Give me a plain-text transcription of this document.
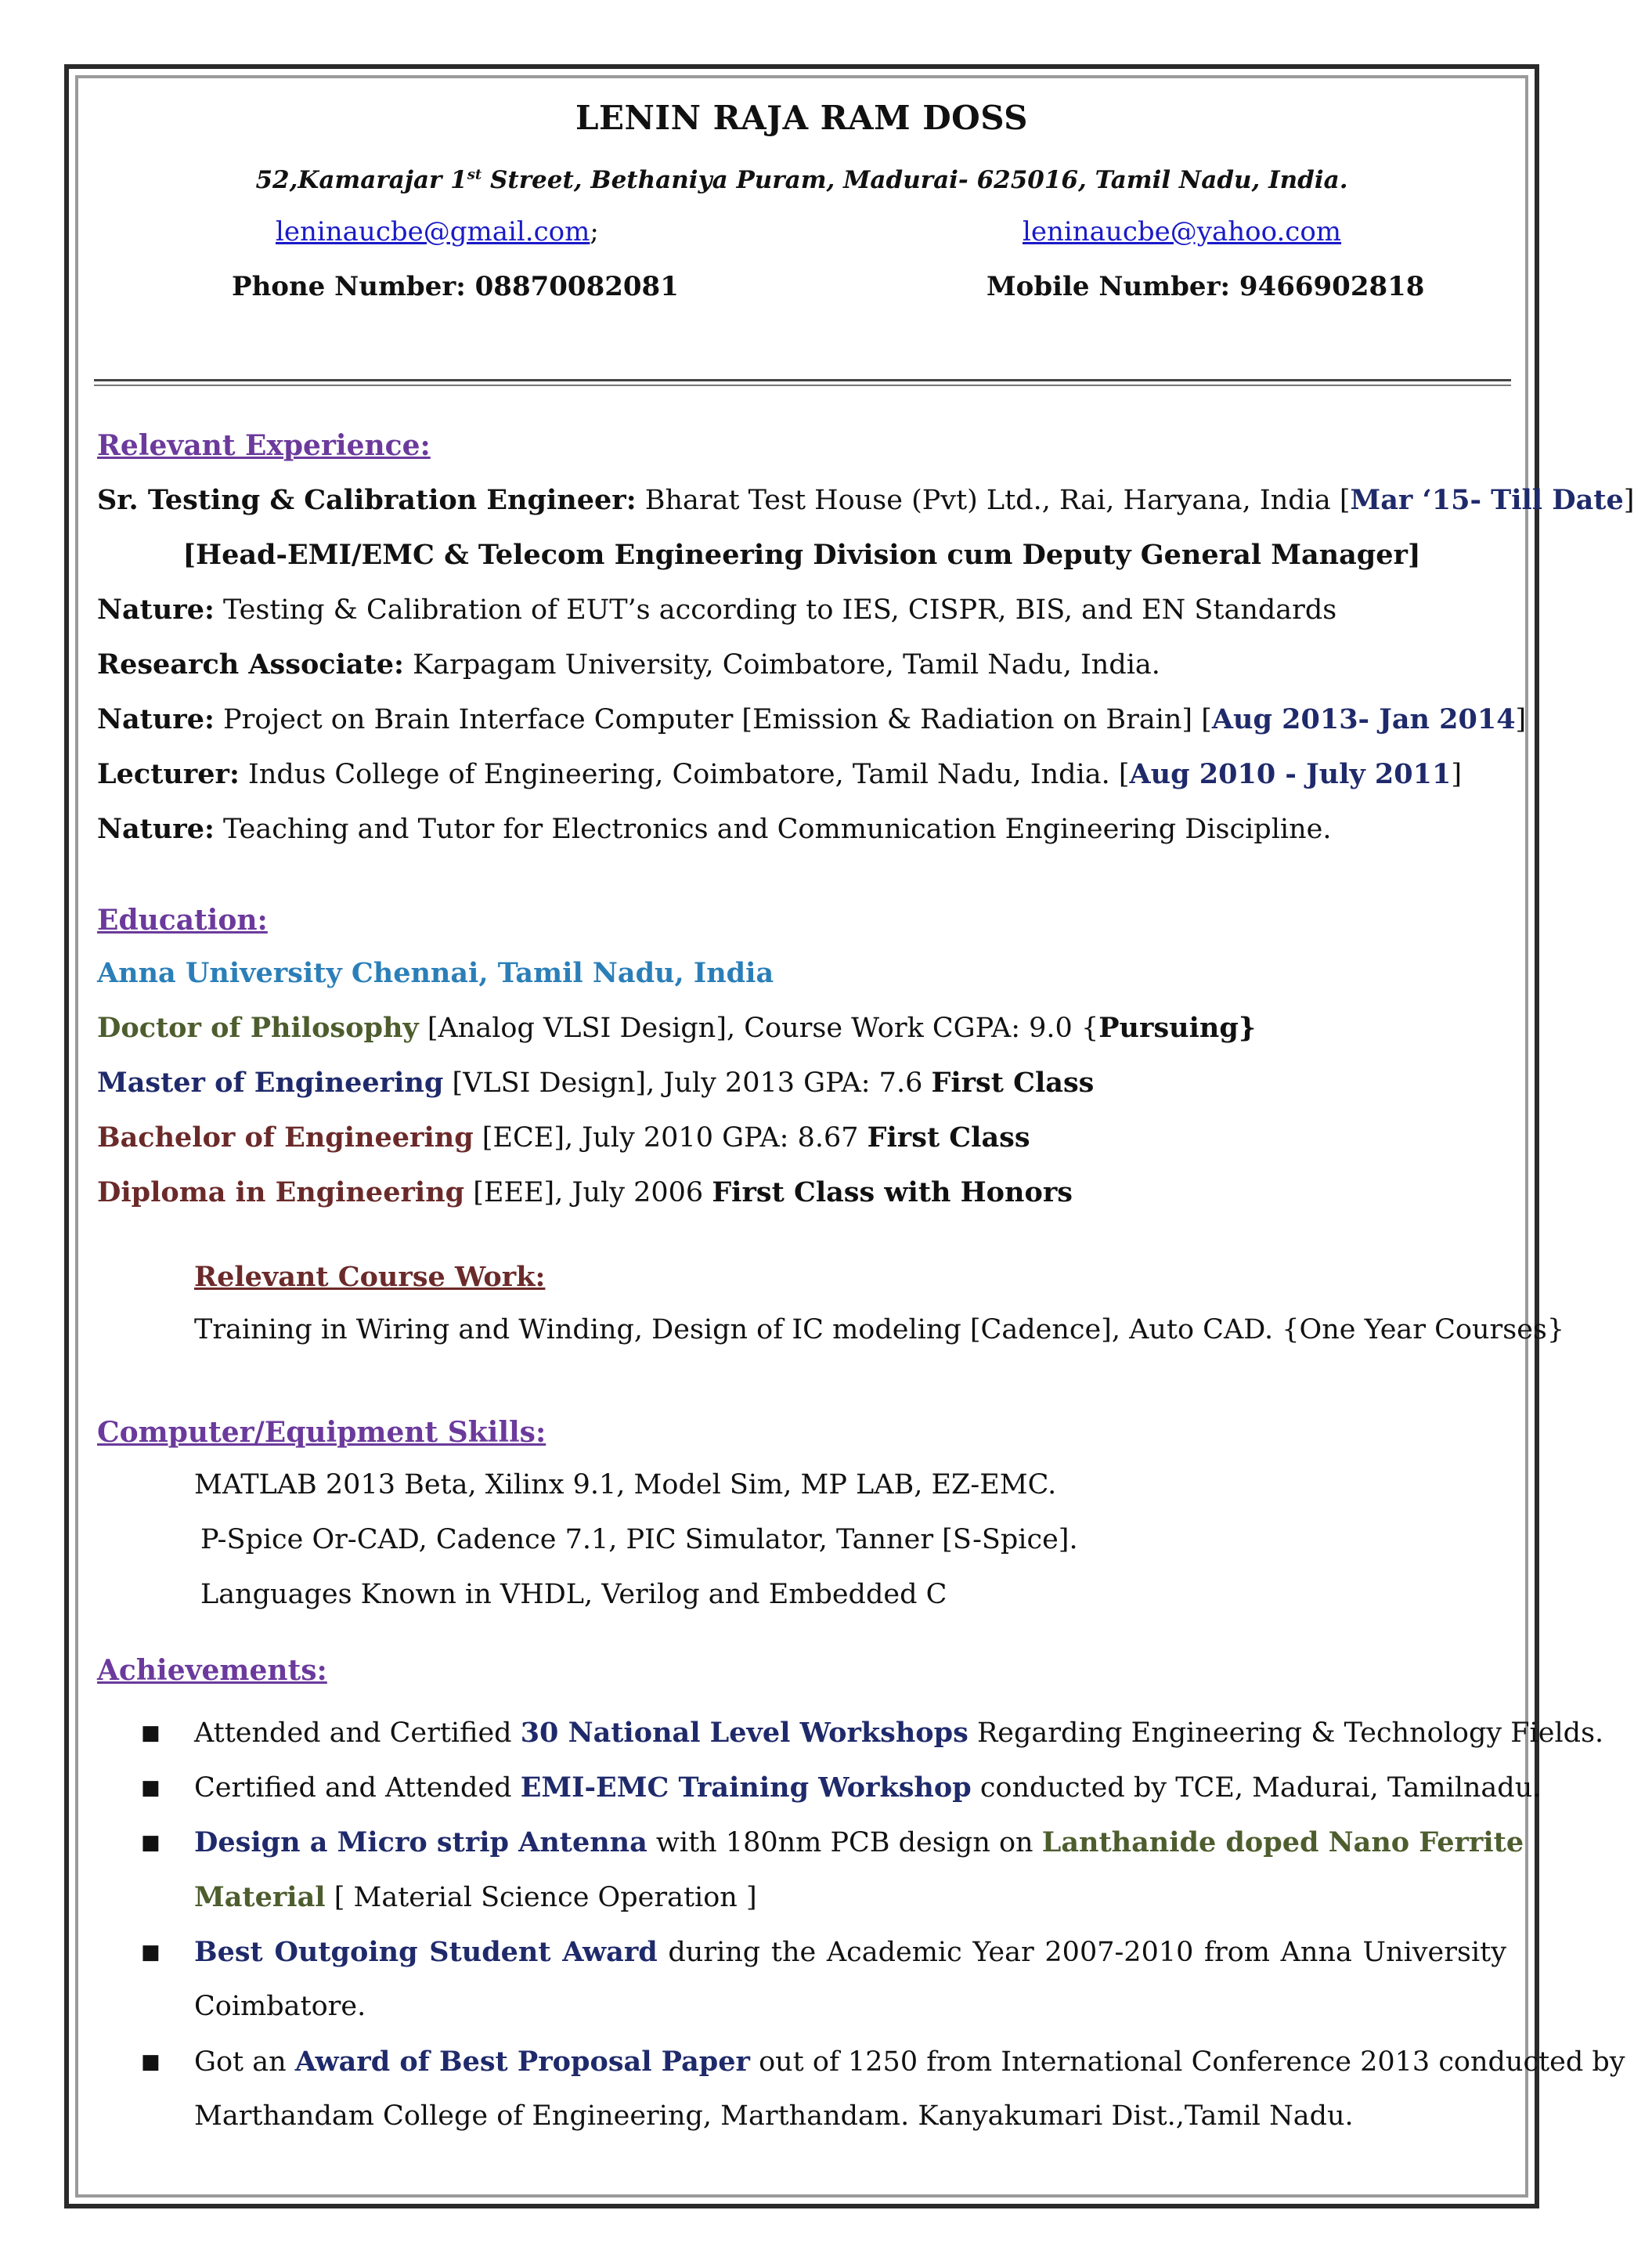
LENIN RAJA RAM DOSS
52,Kamarajar 1st Street, Bethaniya Puram, Madurai- 625016, Tamil Nadu, India.
leninaucbe@gmail.com;	leninaucbe@yahoo.com
Phone Number: 08870082081	Mobile Number: 9466902818
Relevant Experience:
Sr. Testing & Calibration Engineer: Bharat Test House (Pvt) Ltd., Rai, Haryana, India [Mar ‘15- Till Date]
[Head-EMI/EMC & Telecom Engineering Division cum Deputy General Manager]
Nature: Testing & Calibration of EUT’s according to IES, CISPR, BIS, and EN Standards
Research Associate: Karpagam University, Coimbatore, Tamil Nadu, India.
Nature: Project on Brain Interface Computer [Emission & Radiation on Brain] [Aug 2013- Jan 2014]
Lecturer: Indus College of Engineering, Coimbatore, Tamil Nadu, India. [Aug 2010 - July 2011]
Nature: Teaching and Tutor for Electronics and Communication Engineering Discipline.
Education:
Anna University Chennai, Tamil Nadu, India
Doctor of Philosophy [Analog VLSI Design], Course Work CGPA: 9.0 {Pursuing}
Master of Engineering [VLSI Design], July 2013 GPA: 7.6 First Class
Bachelor of Engineering [ECE], July 2010 GPA: 8.67 First Class
Diploma in Engineering [EEE], July 2006 First Class with Honors
Relevant Course Work:
Training in Wiring and Winding, Design of IC modeling [Cadence], Auto CAD. {One Year Courses}
Computer/Equipment Skills:
MATLAB 2013 Beta, Xilinx 9.1, Model Sim, MP LAB, EZ-EMC.
P-Spice Or-CAD, Cadence 7.1, PIC Simulator, Tanner [S-Spice].
Languages Known in VHDL, Verilog and Embedded C
Achievements:
■ Attended and Certified 30 National Level Workshops Regarding Engineering & Technology Fields.
■ Certified and Attended EMI-EMC Training Workshop conducted by TCE, Madurai, Tamilnadu.
■ Design a Micro strip Antenna with 180nm PCB design on Lanthanide doped Nano Ferrite
Material [ Material Science Operation ]
■ Best Outgoing Student Award during the Academic Year 2007-2010 from Anna University
Coimbatore.
■ Got an Award of Best Proposal Paper out of 1250 from International Conference 2013 conducted by
Marthandam College of Engineering, Marthandam. Kanyakumari Dist.,Tamil Nadu.
